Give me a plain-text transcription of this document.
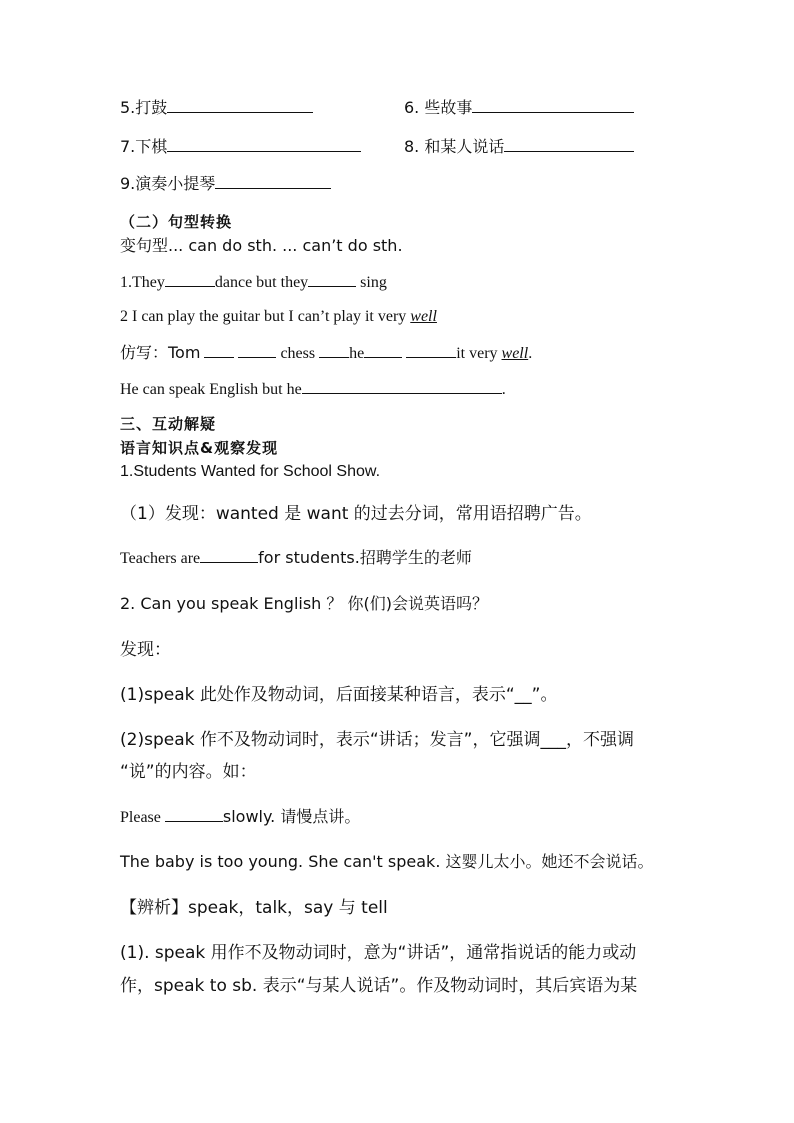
5.打鼓	6. 些故事
7.下棋	8. 和某人说话
9.演奏小提琴
（二）句型转换
变句型... can do sth. ... can’t do sth.
1.They	dance but they	sing
2 I can play the guitar but I can’t play it very well
仿写：Tom	chess he	it very well.
He can speak English but he	.
三、互动解疑
语言知识点&观察发现
1.Students Wanted for School Show.
（1）发现：wanted 是 want 的过去分词，常用语招聘广告。
Teachers are	for students.招聘学生的老师
2. Can you speak English ？ 你(们)会说英语吗？
发现：
(1)speak 此处作及物动词，后面接某种语言，表示“__”。
(2)speak 作不及物动词时，表示“讲话；发言”，它强调___，不强调
“说”的内容。如：
Please	slowly. 请慢点讲。
The baby is too young. She can't speak. 这婴儿太小。她还不会说话。
【辨析】speak，talk，say 与 tell
(1). speak 用作不及物动词时，意为“讲话”，通常指说话的能力或动
作，speak to sb. 表示“与某人说话”。作及物动词时，其后宾语为某
